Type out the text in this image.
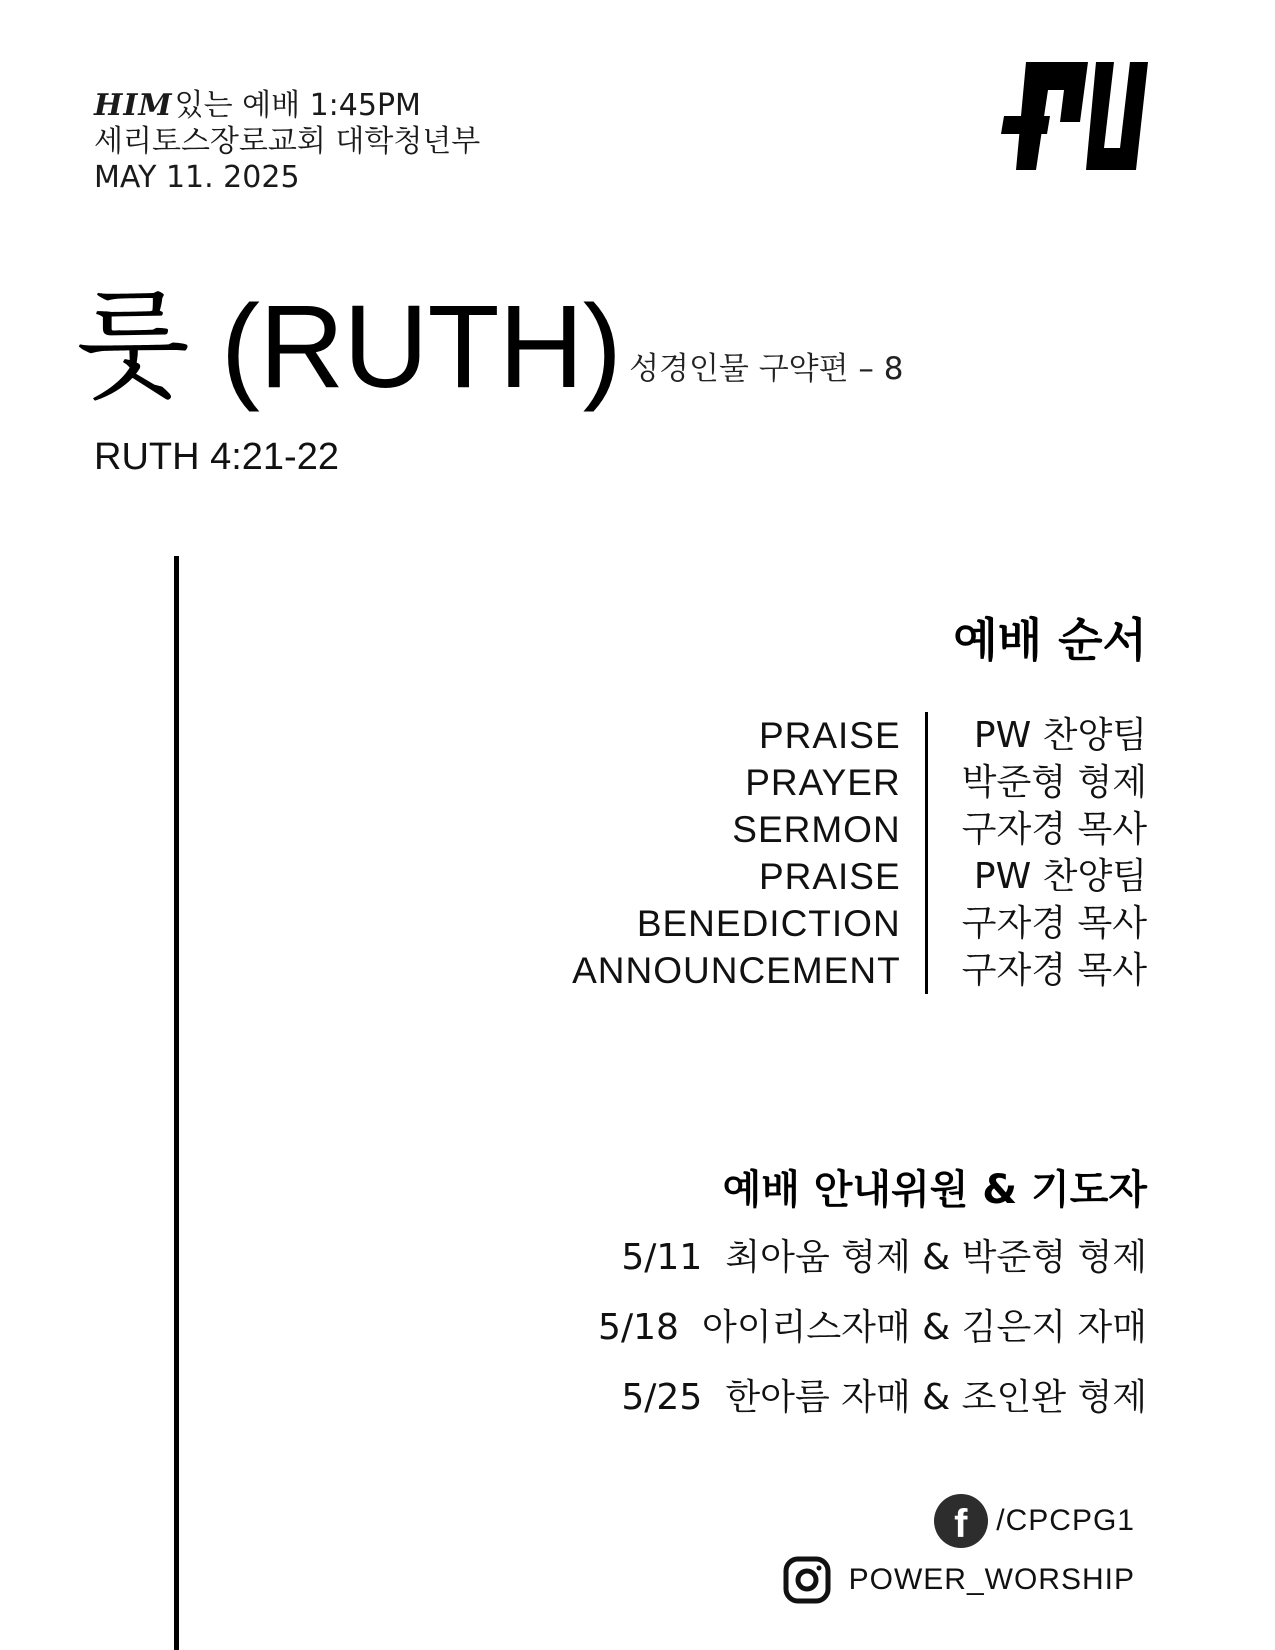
HIM있는 예배 1:45PM
세리토스장로교회 대학청년부
MAY 11. 2025
룻 (RUTH) 성경인물 구약편 – 8
RUTH 4:21-22
예배 순서
PRAISE
PRAYER
SERMON
PRAISE
BENEDICTION
ANNOUNCEMENT
PW 찬양팀
박준형 형제
구자경 목사
PW 찬양팀
구자경 목사
구자경 목사
예배 안내위원 & 기도자
5/11 최아움 형제 & 박준형 형제
5/18 아이리스자매 & 김은지 자매
5/25 한아름 자매 & 조인완 형제
f /CPCPG1
POWER_WORSHIP
